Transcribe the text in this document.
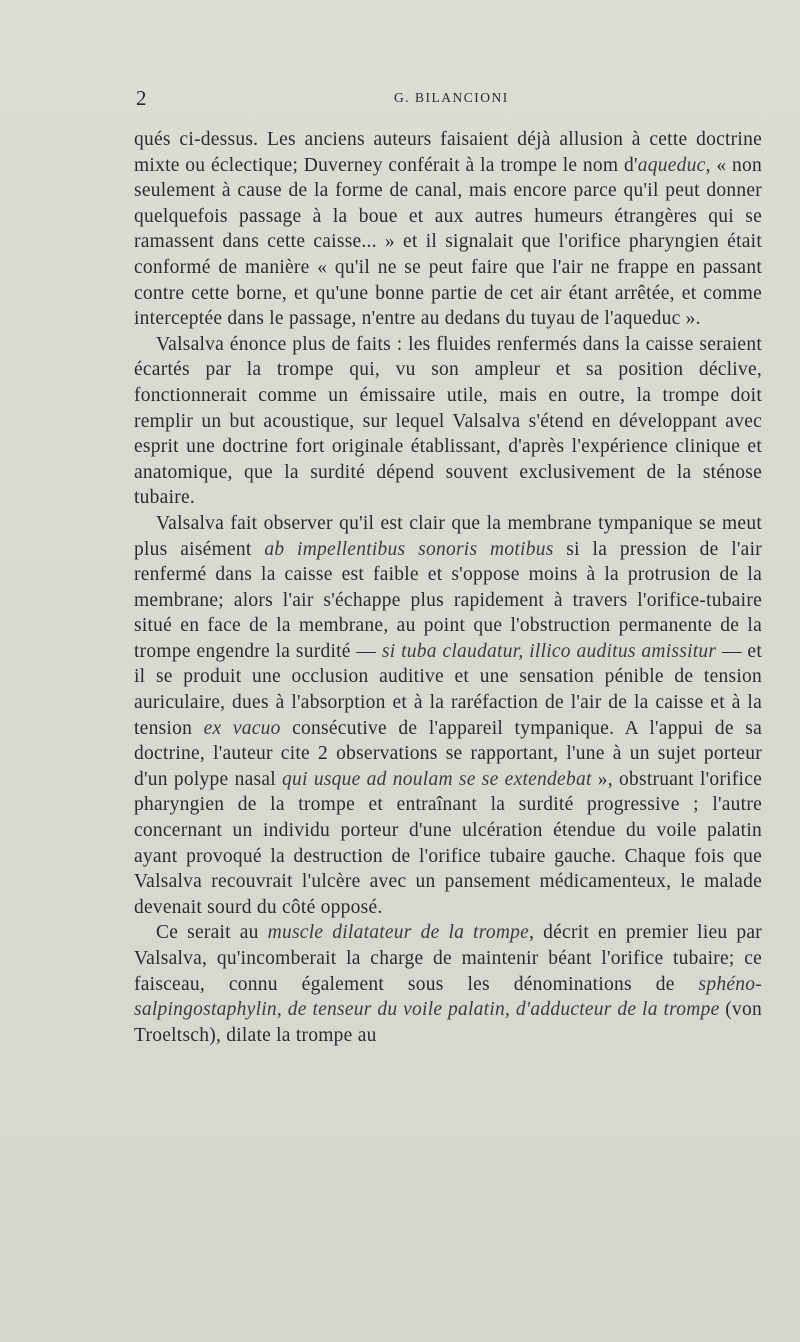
2	G. BILANCIONI

qués ci-dessus. Les anciens auteurs faisaient déjà allusion à cette doctrine mixte ou éclectique; Duverney conférait à la trompe le nom d'aqueduc, « non seulement à cause de la forme de canal, mais encore parce qu'il peut donner quelquefois passage à la boue et aux autres humeurs étrangères qui se ramassent dans cette caisse... » et il signalait que l'orifice pharyngien était conformé de manière « qu'il ne se peut faire que l'air ne frappe en passant contre cette borne, et qu'une bonne partie de cet air étant arrêtée, et comme interceptée dans le passage, n'entre au dedans du tuyau de l'aqueduc ».

Valsalva énonce plus de faits : les fluides renfermés dans la caisse seraient écartés par la trompe qui, vu son ampleur et sa position déclive, fonctionnerait comme un émissaire utile, mais en outre, la trompe doit remplir un but acoustique, sur lequel Valsalva s'étend en développant avec esprit une doctrine fort originale établissant, d'après l'expérience clinique et anatomique, que la surdité dépend souvent exclusivement de la sténose tubaire.

Valsalva fait observer qu'il est clair que la membrane tympanique se meut plus aisément ab impellentibus sonoris motibus si la pression de l'air renfermé dans la caisse est faible et s'oppose moins à la protrusion de la membrane; alors l'air s'échappe plus rapidement à travers l'orifice-tubaire situé en face de la membrane, au point que l'obstruction permanente de la trompe engendre la surdité — si tuba claudatur, illico auditus amissitur — et il se produit une occlusion auditive et une sensation pénible de tension auriculaire, dues à l'absorption et à la raréfaction de l'air de la caisse et à la tension ex vacuo consécutive de l'appareil tympanique. A l'appui de sa doctrine, l'auteur cite 2 observations se rapportant, l'une à un sujet porteur d'un polype nasal qui usque ad noulam se se extendebat », obstruant l'orifice pharyngien de la trompe et entraînant la surdité progressive ; l'autre concernant un individu porteur d'une ulcération étendue du voile palatin ayant provoqué la destruction de l'orifice tubaire gauche. Chaque fois que Valsalva recouvrait l'ulcère avec un pansement médicamenteux, le malade devenait sourd du côté opposé.

Ce serait au muscle dilatateur de la trompe, décrit en premier lieu par Valsalva, qu'incomberait la charge de maintenir béant l'orifice tubaire; ce faisceau, connu également sous les dénominations de sphéno-salpingostaphylin, de tenseur du voile palatin, d'adducteur de la trompe (von Troeltsch), dilate la trompe au
